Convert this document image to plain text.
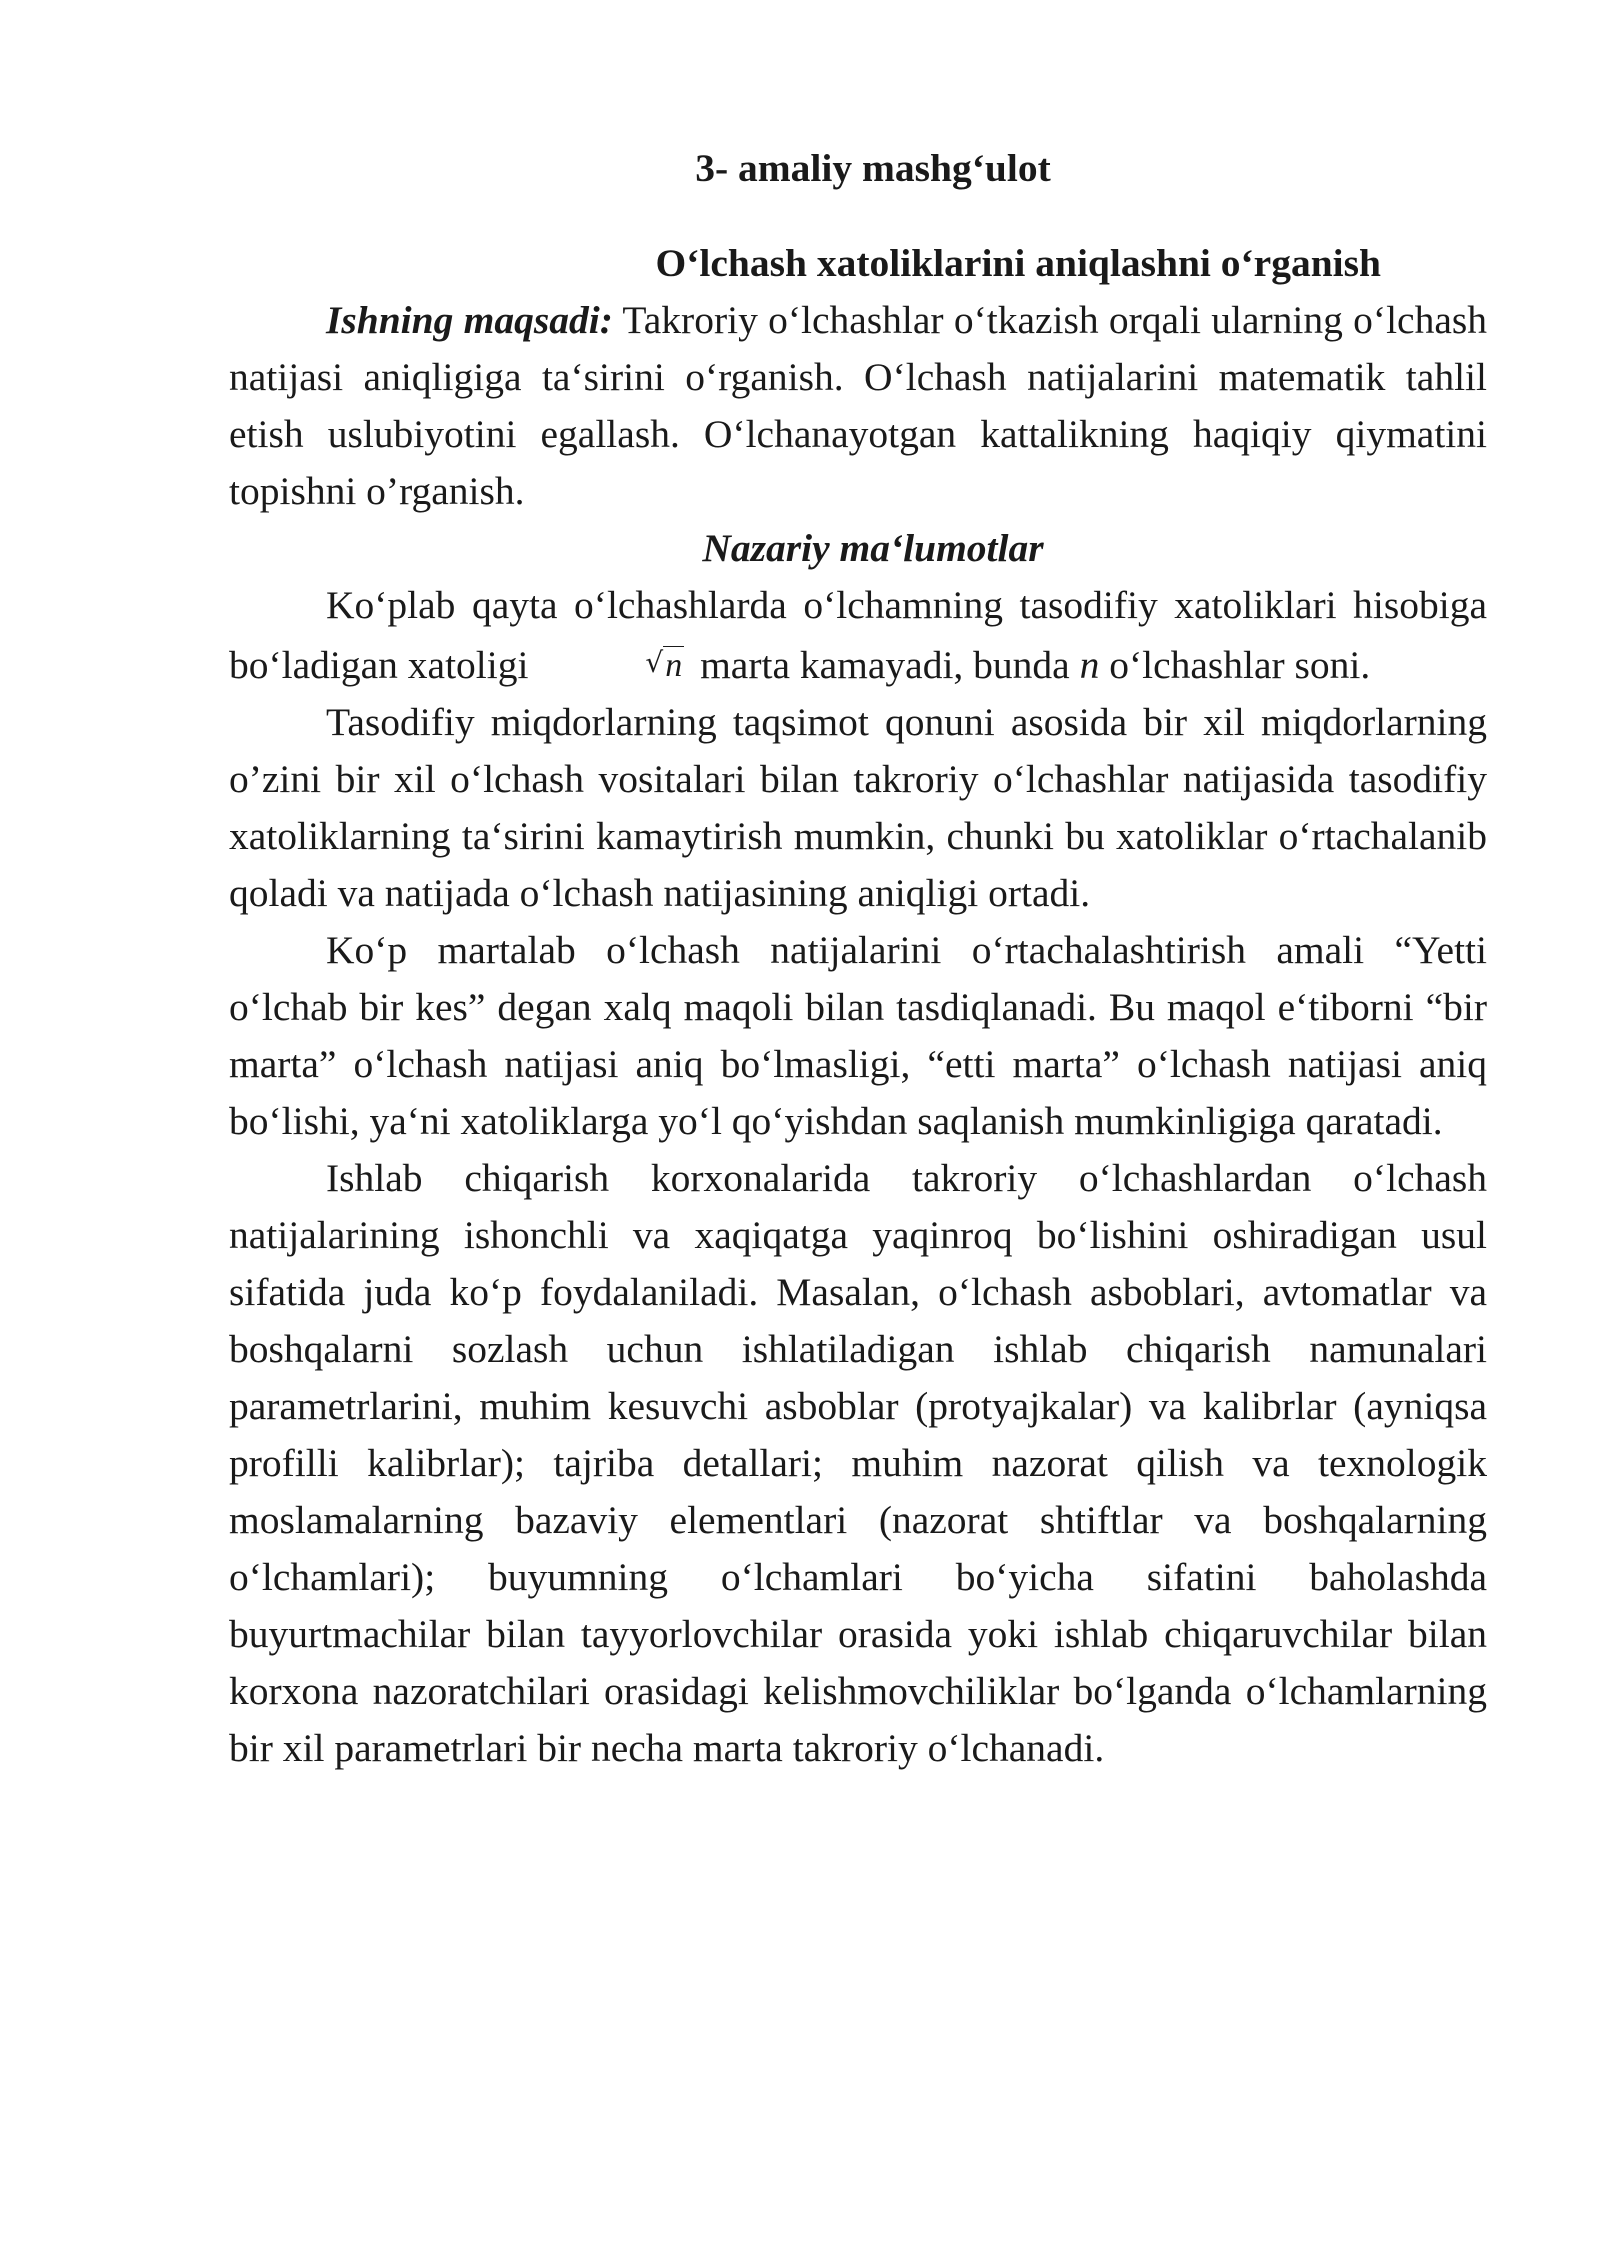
3- amaliy mashg‘ulot
O‘lchash xatoliklarini aniqlashni o‘rganish

Ishning maqsadi: Takroriy o‘lchashlar o‘tkazish orqali ularning o‘lchash natijasi aniqligiga ta‘sirini o‘rganish. O‘lchash natijalarini matematik tahlil etish uslubiyotini egallash. O‘lchanayotgan kattalikning haqiqiy qiymatini topishni o’rganish.

Nazariy ma‘lumotlar

Ko‘plab qayta o‘lchashlarda o‘lchamning tasodifiy xatoliklari hisobiga bo‘ladigan xatoligi	√n marta kamayadi, bunda n o‘lchashlar soni.

Tasodifiy miqdorlarning taqsimot qonuni asosida bir xil miqdorlarning o’zini bir xil o‘lchash vositalari bilan takroriy o‘lchashlar natijasida tasodifiy xatoliklarning ta‘sirini kamaytirish mumkin, chunki bu xatoliklar o‘rtachalanib qoladi va natijada o‘lchash natijasining aniqligi ortadi.

Ko‘p martalab o‘lchash natijalarini o‘rtachalashtirish amali “Yetti o‘lchab bir kes” degan xalq maqoli bilan tasdiqlanadi. Bu maqol e‘tiborni “bir marta” o‘lchash natijasi aniq bo‘lmasligi, “etti marta” o‘lchash natijasi aniq bo‘lishi, ya‘ni xatoliklarga yo‘l qo‘yishdan saqlanish mumkinligiga qaratadi.

Ishlab chiqarish korxonalarida takroriy o‘lchashlardan o‘lchash natijalarining ishonchli va xaqiqatga yaqinroq bo‘lishini oshiradigan usul sifatida juda ko‘p foydalaniladi. Masalan, o‘lchash asboblari, avtomatlar va boshqalarni sozlash uchun ishlatiladigan ishlab chiqarish namunalari parametrlarini, muhim kesuvchi asboblar (protyajkalar) va kalibrlar (ayniqsa profilli kalibrlar); tajriba detallari; muhim nazorat qilish va texnologik moslamalarning bazaviy elementlari (nazorat shtiftlar va boshqalarning o‘lchamlari); buyumning o‘lchamlari bo‘yicha sifatini baholashda buyurtmachilar bilan tayyorlovchilar orasida yoki ishlab chiqaruvchilar bilan korxona nazoratchilari orasidagi kelishmovchiliklar bo‘lganda o‘lchamlarning bir xil parametrlari bir necha marta takroriy o‘lchanadi.
